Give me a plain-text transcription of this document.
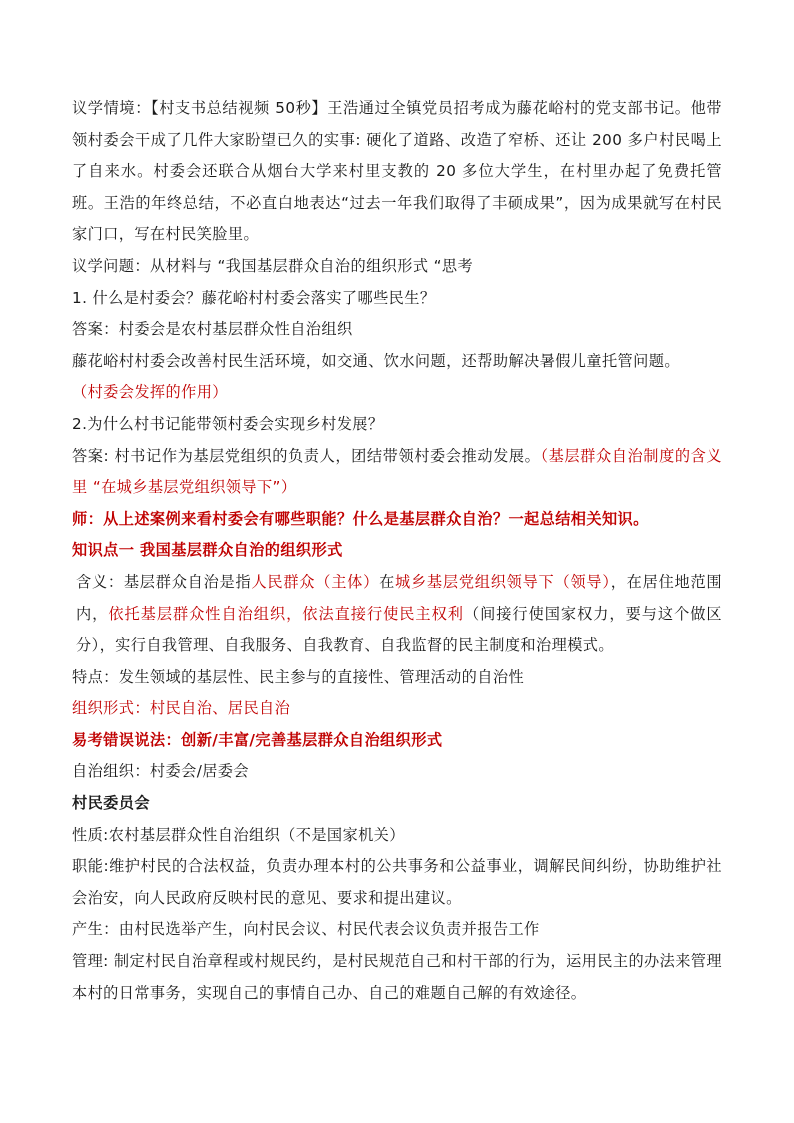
议学情境：【村支书总结视频 50秒】王浩通过全镇党员招考成为藤花峪村的党支部书记。他带领村委会干成了几件大家盼望已久的实事: 硬化了道路、改造了窄桥、还让 200 多户村民喝上了自来水。村委会还联合从烟台大学来村里支教的 20 多位大学生，在村里办起了免费托管班。王浩的年终总结，不必直白地表达“过去一年我们取得了丰硕成果”，因为成果就写在村民家门口，写在村民笑脸里。

议学问题：从材料与 “我国基层群众自治的组织形式 “思考

1. 什么是村委会？藤花峪村村委会落实了哪些民生？

答案：村委会是农村基层群众性自治组织

藤花峪村村委会改善村民生活环境，如交通、饮水问题，还帮助解决暑假儿童托管问题。

（村委会发挥的作用）

2.为什么村书记能带领村委会实现乡村发展？

答案: 村书记作为基层党组织的负责人，团结带领村委会推动发展。（基层群众自治制度的含义里 “在城乡基层党组织领导下”）

师：从上述案例来看村委会有哪些职能？什么是基层群众自治？一起总结相关知识。

知识点一 我国基层群众自治的组织形式

含义：基层群众自治是指人民群众（主体）在城乡基层党组织领导下（领导），在居住地范围内，依托基层群众性自治组织，依法直接行使民主权利（间接行使国家权力，要与这个做区分），实行自我管理、自我服务、自我教育、自我监督的民主制度和治理模式。

特点：发生领域的基层性、民主参与的直接性、管理活动的自治性

组织形式：村民自治、居民自治

易考错误说法：创新/丰富/完善基层群众自治组织形式

自治组织：村委会/居委会

村民委员会

性质:农村基层群众性自治组织（不是国家机关）

职能:维护村民的合法权益，负责办理本村的公共事务和公益事业，调解民间纠纷，协助维护社会治安，向人民政府反映村民的意见、要求和提出建议。

产生：由村民选举产生，向村民会议、村民代表会议负责并报告工作

管理: 制定村民自治章程或村规民约，是村民规范自己和村干部的行为，运用民主的办法来管理本村的日常事务，实现自己的事情自己办、自己的难题自己解的有效途径。
